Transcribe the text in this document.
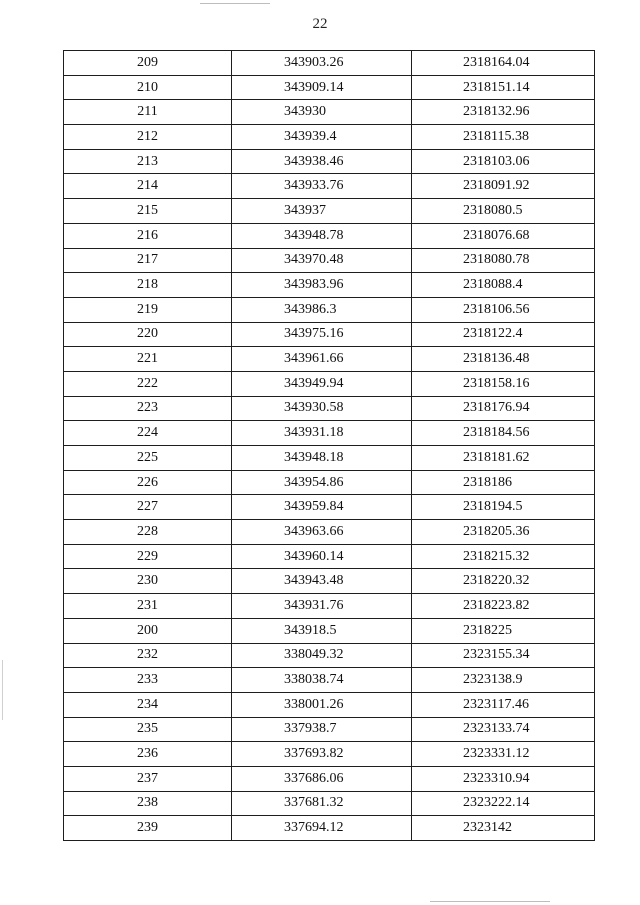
22
209	343903.26	2318164.04
210	343909.14	2318151.14
211	343930	2318132.96
212	343939.4	2318115.38
213	343938.46	2318103.06
214	343933.76	2318091.92
215	343937	2318080.5
216	343948.78	2318076.68
217	343970.48	2318080.78
218	343983.96	2318088.4
219	343986.3	2318106.56
220	343975.16	2318122.4
221	343961.66	2318136.48
222	343949.94	2318158.16
223	343930.58	2318176.94
224	343931.18	2318184.56
225	343948.18	2318181.62
226	343954.86	2318186
227	343959.84	2318194.5
228	343963.66	2318205.36
229	343960.14	2318215.32
230	343943.48	2318220.32
231	343931.76	2318223.82
200	343918.5	2318225
232	338049.32	2323155.34
233	338038.74	2323138.9
234	338001.26	2323117.46
235	337938.7	2323133.74
236	337693.82	2323331.12
237	337686.06	2323310.94
238	337681.32	2323222.14
239	337694.12	2323142
